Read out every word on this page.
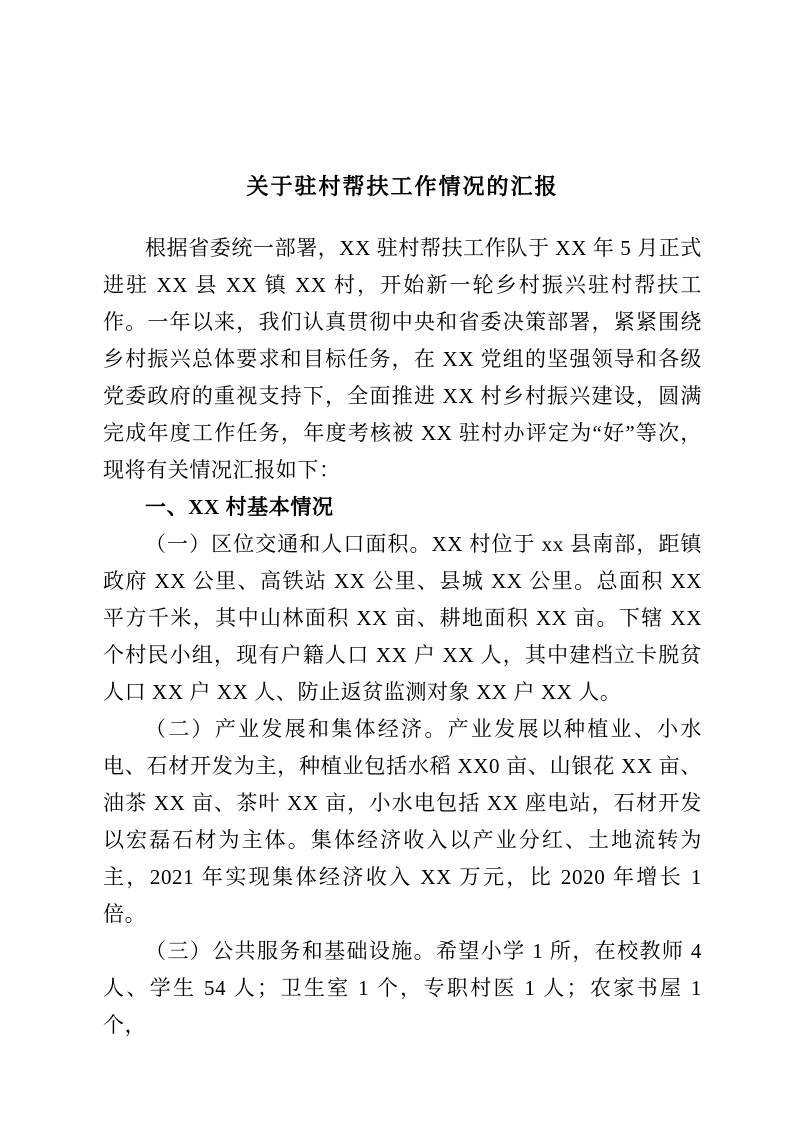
关于驻村帮扶工作情况的汇报

根据省委统一部署，XX 驻村帮扶工作队于 XX 年 5 月正式进驻 XX 县 XX 镇 XX 村，开始新一轮乡村振兴驻村帮扶工作。一年以来，我们认真贯彻中央和省委决策部署，紧紧围绕乡村振兴总体要求和目标任务，在 XX 党组的坚强领导和各级党委政府的重视支持下，全面推进 XX 村乡村振兴建设，圆满完成年度工作任务，年度考核被 XX 驻村办评定为“好”等次，现将有关情况汇报如下：

一、XX 村基本情况

（一）区位交通和人口面积。XX 村位于 xx 县南部，距镇政府 XX 公里、高铁站 XX 公里、县城 XX 公里。总面积 XX 平方千米，其中山林面积 XX 亩、耕地面积 XX 亩。下辖 XX 个村民小组，现有户籍人口 XX 户 XX 人，其中建档立卡脱贫人口 XX 户 XX 人、防止返贫监测对象 XX 户 XX 人。

（二）产业发展和集体经济。产业发展以种植业、小水电、石材开发为主，种植业包括水稻 XX0 亩、山银花 XX 亩、油茶 XX 亩、茶叶 XX 亩，小水电包括 XX 座电站，石材开发以宏磊石材为主体。集体经济收入以产业分红、土地流转为主，2021 年实现集体经济收入 XX 万元，比 2020 年增长 1 倍。

（三）公共服务和基础设施。希望小学 1 所，在校教师 4 人、学生 54 人；卫生室 1 个，专职村医 1 人；农家书屋 1 个，
